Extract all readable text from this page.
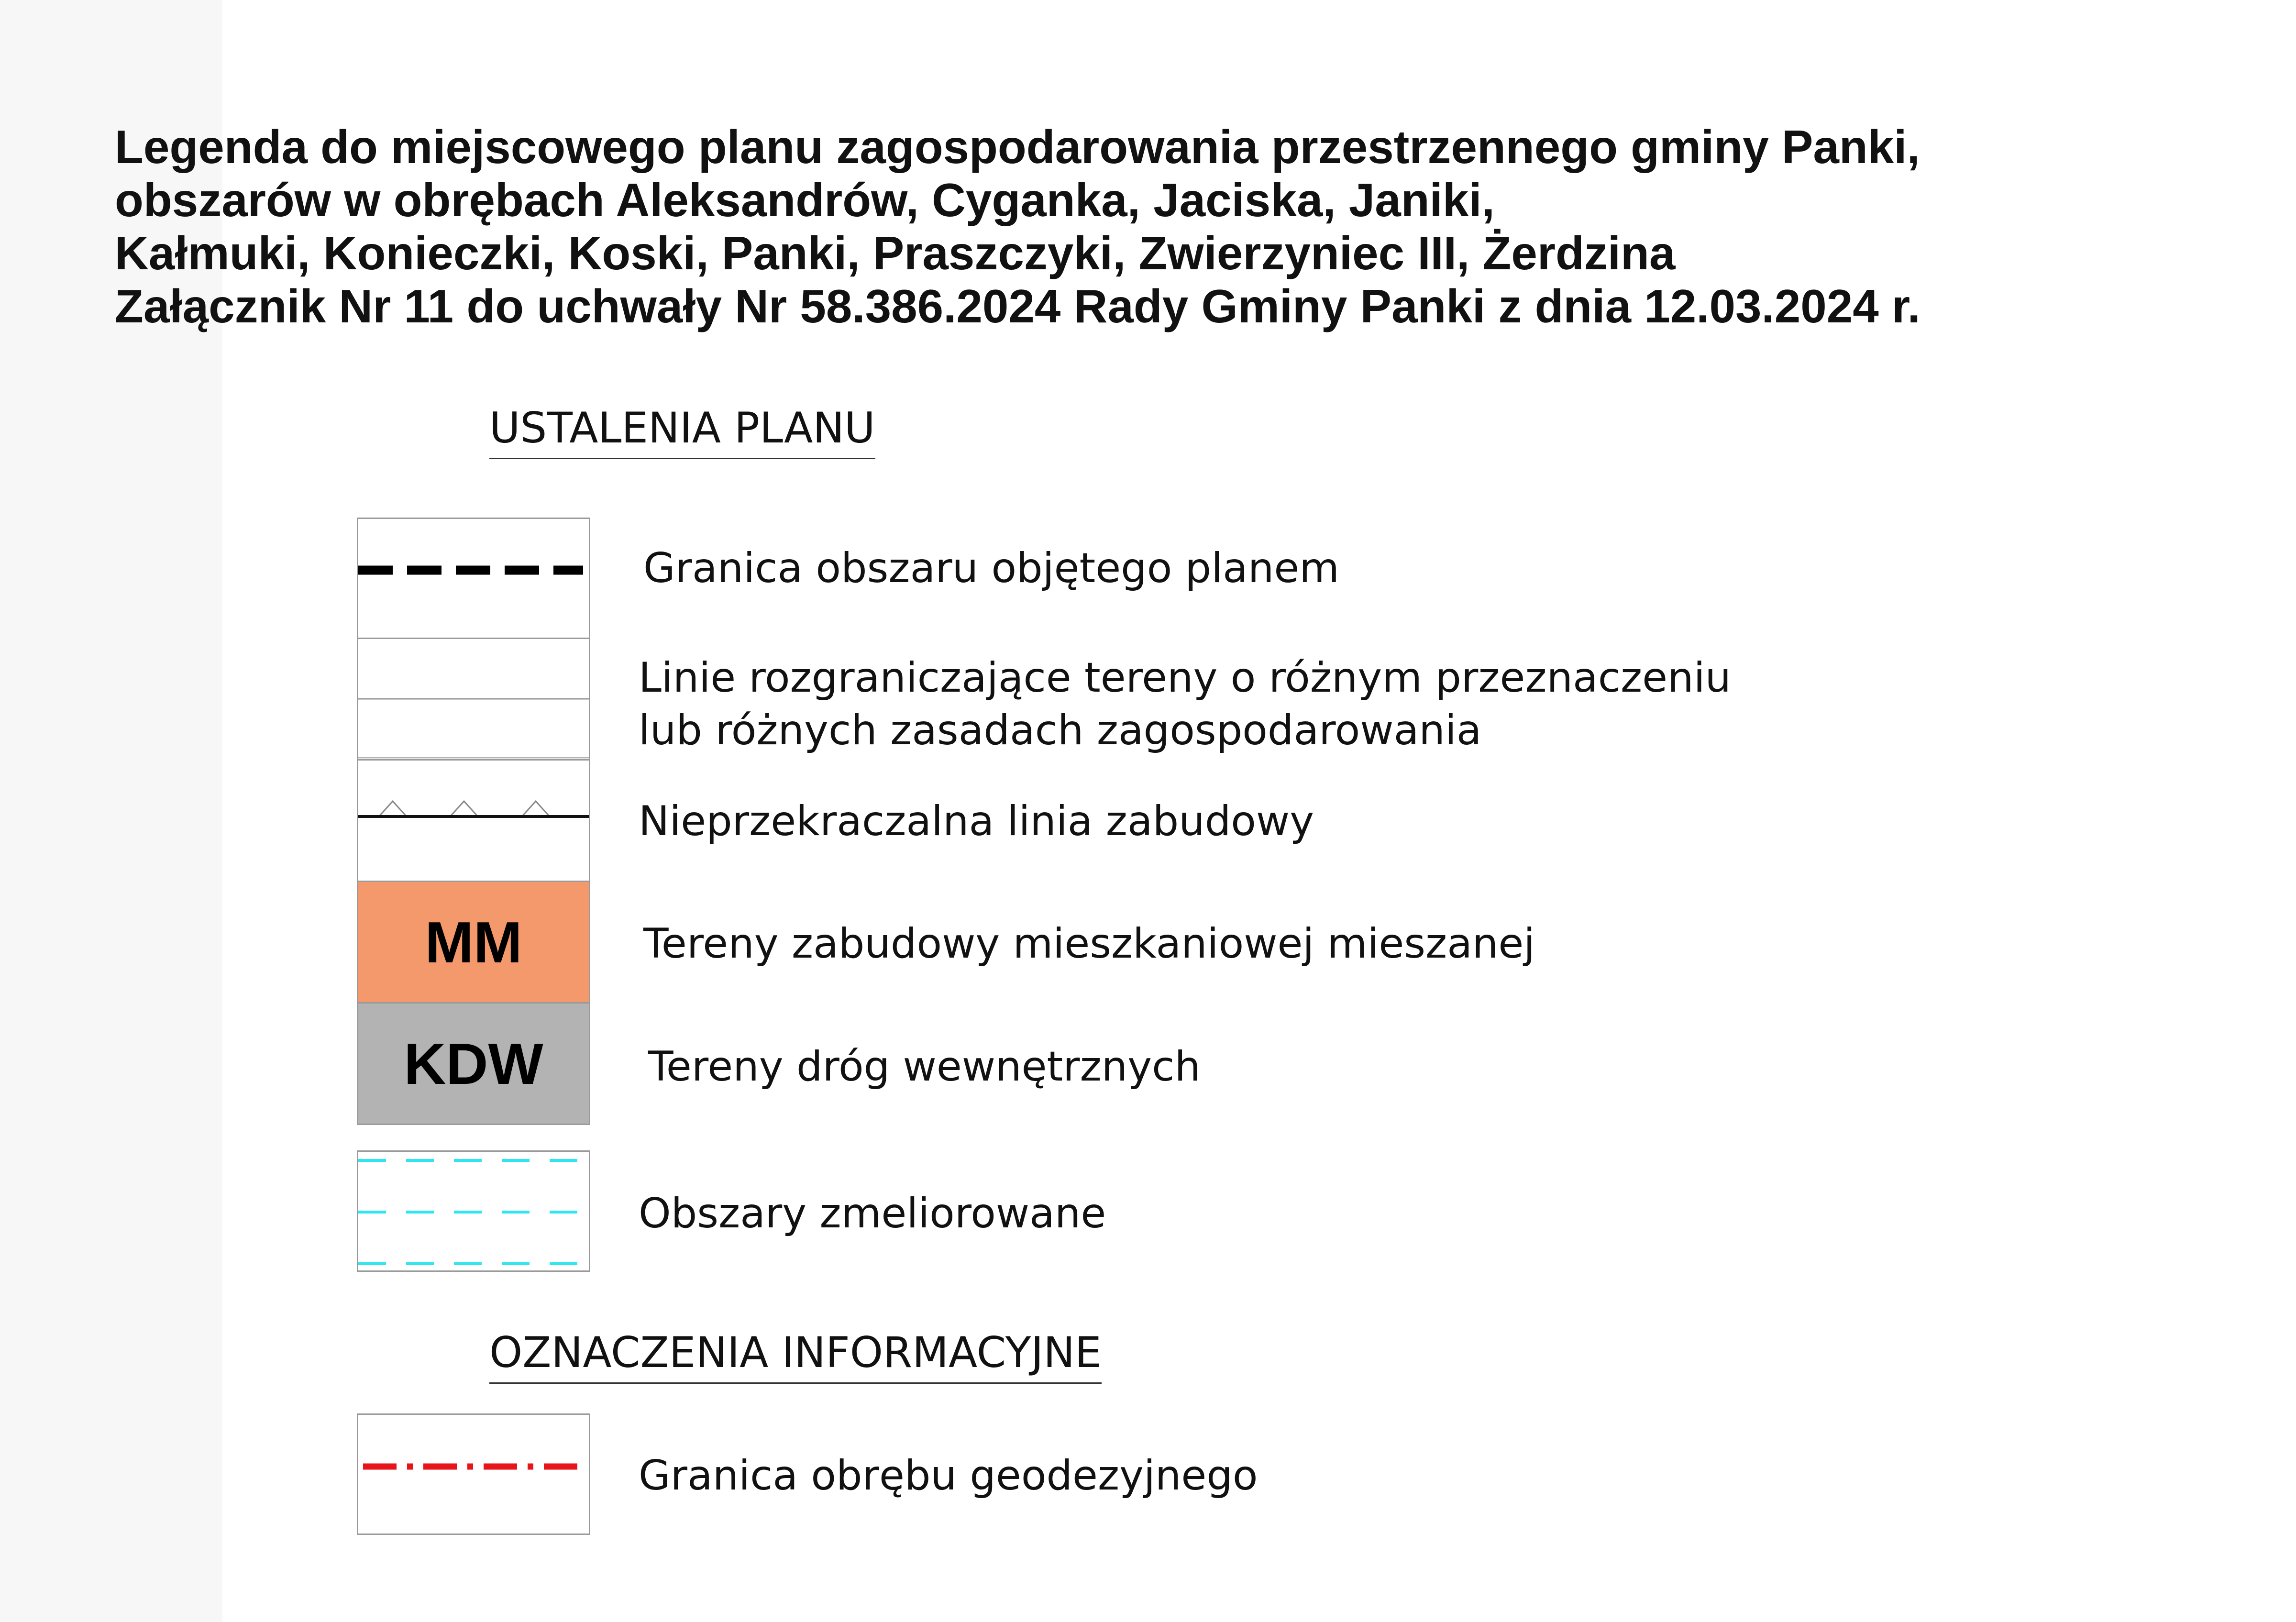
Legenda do miejscowego planu zagospodarowania przestrzennego gminy Panki,
obszarów w obrębach Aleksandrów, Cyganka, Jaciska, Janiki,
Kałmuki, Konieczki, Koski, Panki, Praszczyki, Zwierzyniec III, Żerdzina
Załącznik Nr 11 do uchwały Nr 58.386.2024 Rady Gminy Panki z dnia 12.03.2024 r.
USTALENIA PLANU
Granica obszaru objętego planem
Linie rozgraniczające tereny o różnym przeznaczeniu
lub różnych zasadach zagospodarowania
Nieprzekraczalna linia zabudowy
MM	Tereny zabudowy mieszkaniowej mieszanej
KDW	Tereny dróg wewnętrznych
Obszary zmeliorowane
OZNACZENIA INFORMACYJNE
Granica obrębu geodezyjnego
